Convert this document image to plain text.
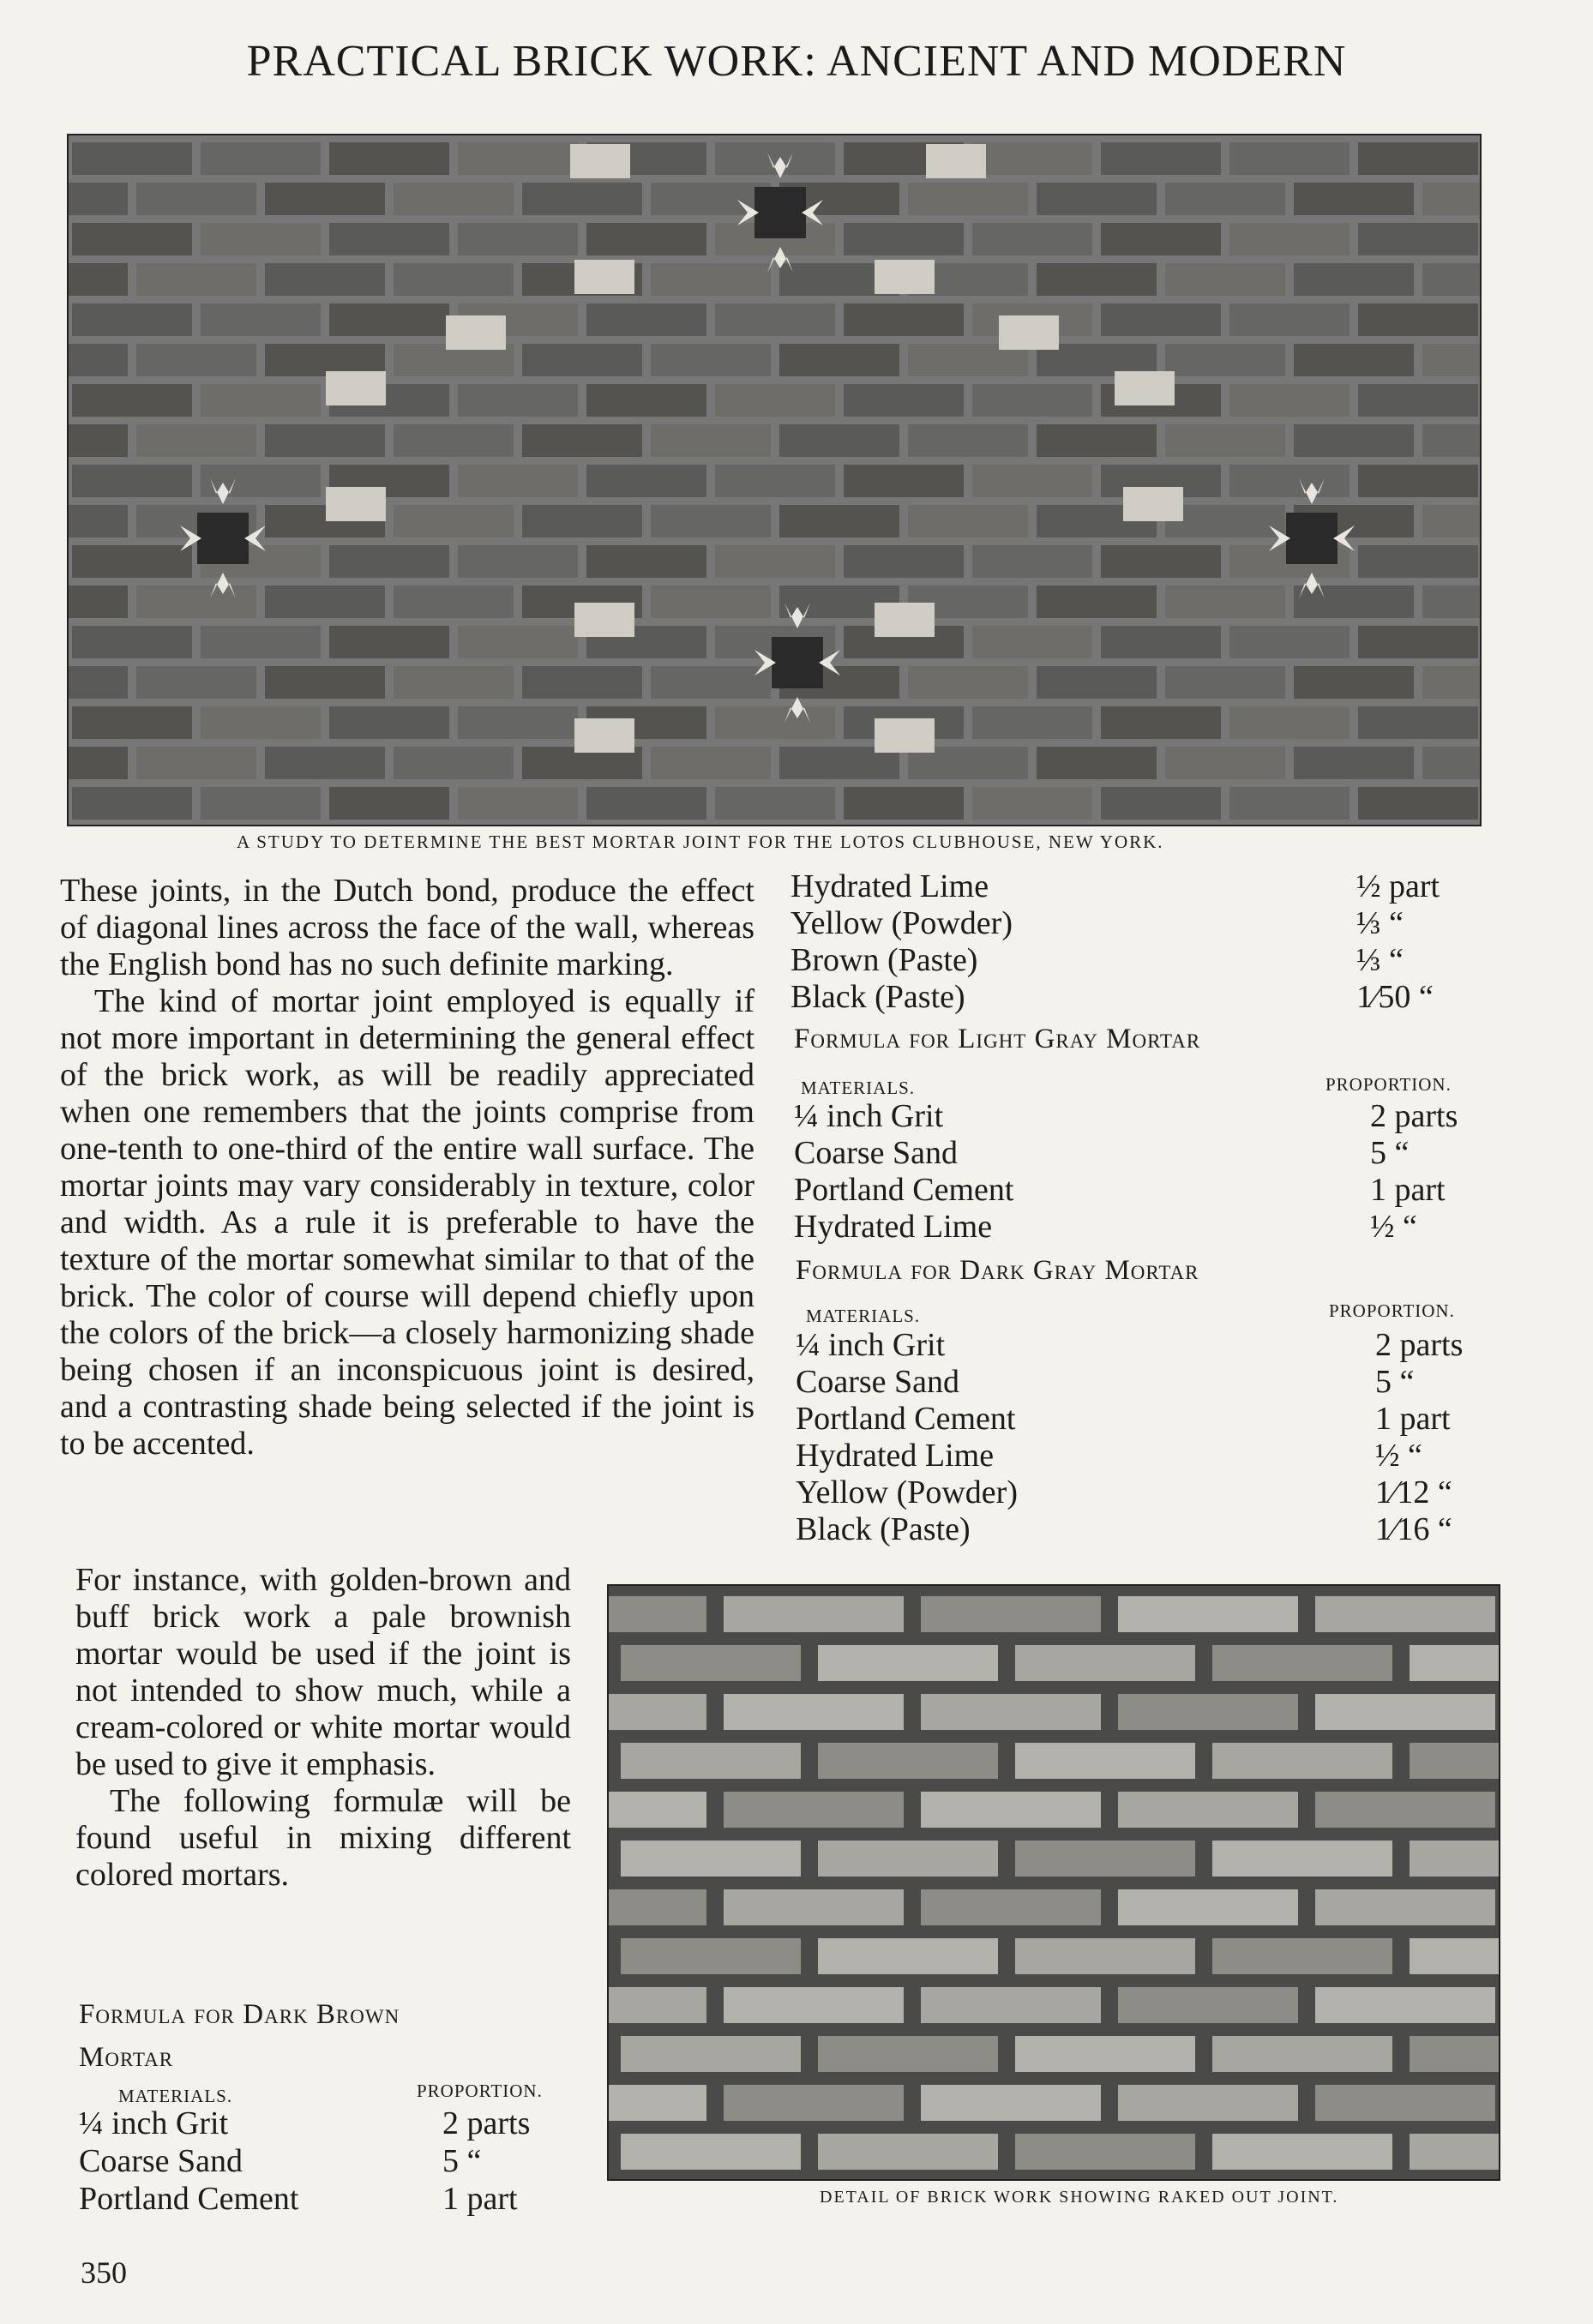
PRACTICAL BRICK WORK: ANCIENT AND MODERN
A STUDY TO DETERMINE THE BEST MORTAR JOINT FOR THE LOTOS CLUBHOUSE, NEW YORK.

These joints, in the Dutch bond, produce the effect of diagonal lines across the face of the wall, whereas the English bond has no such definite marking.

The kind of mortar joint employed is equally if not more important in determining the general effect of the brick work, as will be readily appreciated when one remembers that the joints comprise from one-tenth to one-third of the entire wall surface. The mortar joints may vary considerably in texture, color and width. As a rule it is preferable to have the texture of the mortar somewhat similar to that of the brick. The color of course will depend chiefly upon the colors of the brick—a closely harmonizing shade being chosen if an inconspicuous joint is desired, and a contrasting shade being selected if the joint is to be accented.

For instance, with golden-brown and buff brick work a pale brownish mortar would be used if the joint is not intended to show much, while a cream-colored or white mortar would be used to give it emphasis.

The following formulæ will be found useful in mixing different colored mortars.

Formula for Dark Brown
Mortar
MATERIALS.	PROPORTION.
¼ inch Grit	2 parts
Coarse Sand	5 “
Portland Cement	1 part
Hydrated Lime	½ part
Yellow (Powder)	⅓ “
Brown (Paste)	⅓ “
Black (Paste)	1⁄50 “
Formula for Light Gray Mortar
MATERIALS.	PROPORTION.
¼ inch Grit	2 parts
Coarse Sand	5 “
Portland Cement	1 part
Hydrated Lime	½ “
Formula for Dark Gray Mortar
MATERIALS.	PROPORTION.
¼ inch Grit	2 parts
Coarse Sand	5 “
Portland Cement	1 part
Hydrated Lime	½ “
Yellow (Powder)	1⁄12 “
Black (Paste)	1⁄16 “
DETAIL OF BRICK WORK SHOWING RAKED OUT JOINT.
350
